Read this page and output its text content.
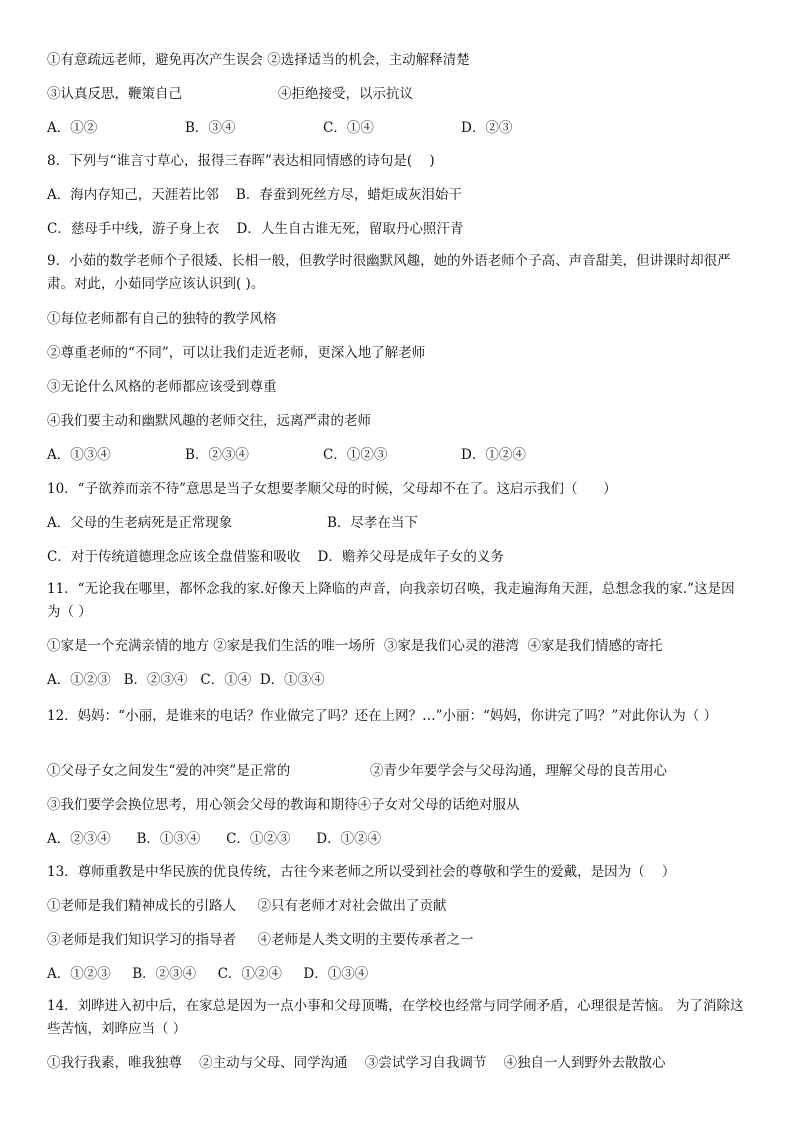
①有意疏远老师，避免再次产生误会 ②选择适当的机会，主动解释清楚
③认真反思，鞭策自己	④拒绝接受，以示抗议
A．①②	B．③④	C．①④	D．②③
8．下列与“谁言寸草心，报得三春晖”表达相同情感的诗句是(    )
A．海内存知己，天涯若比邻    B．春蚕到死丝方尽，蜡炬成灰泪始干
C．慈母手中线，游子身上衣    D．人生自古谁无死，留取丹心照汗青
9．小茹的数学老师个子很矮、长相一般，但教学时很幽默风趣，她的外语老师个子高、声音甜美，但讲课时却很严肃。对此，小茹同学应该认识到( )。
①每位老师都有自己的独特的教学风格
②尊重老师的“不同”，可以让我们走近老师，更深入地了解老师
③无论什么风格的老师都应该受到尊重
④我们要主动和幽默风趣的老师交往，远离严肃的老师
A．①③④	B．②③④	C．①②③	D．①②④
10．“子欲养而亲不待”意思是当子女想要孝顺父母的时候，父母却不在了。这启示我们（      ）
A．父母的生老病死是正常现象	B．尽孝在当下
C．对于传统道德理念应该全盘借鉴和吸收    D．赡养父母是成年子女的义务
11．“无论我在哪里，都怀念我的家.好像天上降临的声音，向我亲切召唤，我走遍海角天涯，总想念我的家.”这是因为（ ）
①家是一个充满亲情的地方 ②家是我们生活的唯一场所  ③家是我们心灵的港湾  ④家是我们情感的寄托
A．①②③   B．②③④   C．①④  D．①③④
12．妈妈：“小丽，是谁来的电话？作业做完了吗？还在上网？…”小丽：“妈妈，你讲完了吗？”对此你认为（ ）
①父母子女之间发生“爱的冲突”是正常的	②青少年要学会与父母沟通，理解父母的良苦用心
③我们要学会换位思考，用心领会父母的教诲和期待④子女对父母的话绝对服从
A．②③④      B．①③④      C．①②③      D．①②④
13．尊师重教是中华民族的优良传统，古往今来老师之所以受到社会的尊敬和学生的爱戴，是因为（    ）
①老师是我们精神成长的引路人     ②只有老师才对社会做出了贡献
③老师是我们知识学习的指导者     ④老师是人类文明的主要传承者之一
A．①②③     B．②③④     C．①②④     D．①③④
14．刘晔进入初中后，在家总是因为一点小事和父母顶嘴，在学校也经常与同学闹矛盾，心理很是苦恼。 为了消除这些苦恼，刘晔应当（ ）
①我行我素，唯我独尊    ②主动与父母、同学沟通    ③尝试学习自我调节    ④独自一人到野外去散散心
